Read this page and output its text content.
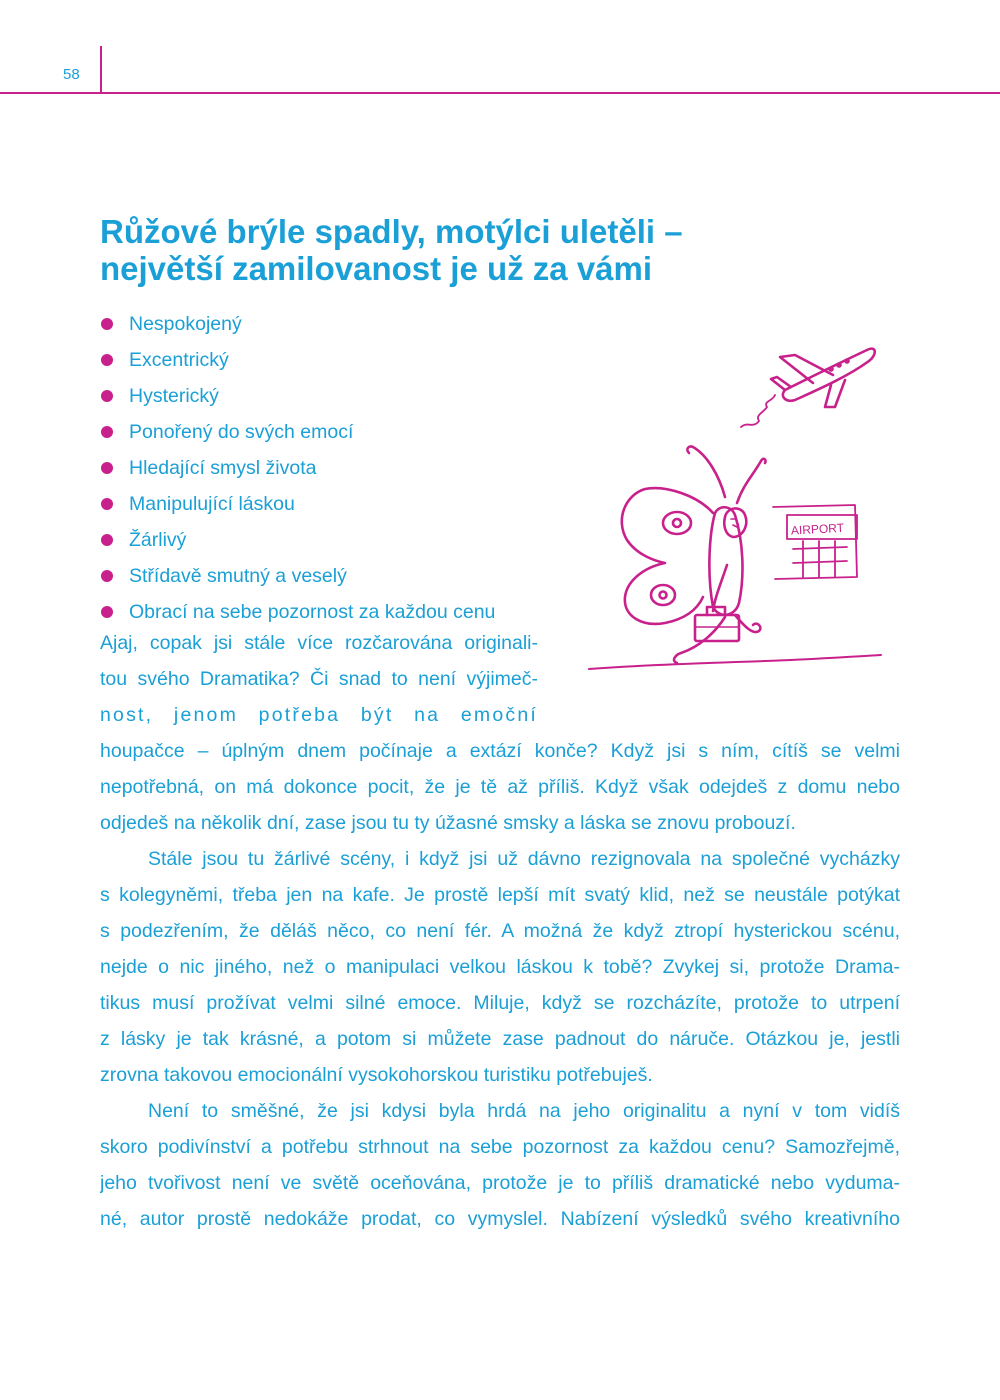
58
Růžové brýle spadly, motýlci uletěli –
největší zamilovanost je už za vámi
Nespokojený
Excentrický
Hysterický
Ponořený do svých emocí
Hledající smysl života
Manipulující láskou
Žárlivý
Střídavě smutný a veselý
Obrací na sebe pozornost za každou cenu
Ajaj, copak jsi stále více rozčarována originali-
tou svého Dramatika? Či snad to není výjimeč-
nost, jenom potřeba být na emoční
houpačce – úplným dnem počínaje a extází konče? Když jsi s ním, cítíš se velmi
nepotřebná, on má dokonce pocit, že je tě až příliš. Když však odejdeš z domu nebo
odjedeš na několik dní, zase jsou tu ty úžasné smsky a láska se znovu probouzí.
Stále jsou tu žárlivé scény, i když jsi už dávno rezignovala na společné vycházky
s kolegyněmi, třeba jen na kafe. Je prostě lepší mít svatý klid, než se neustále potýkat
s podezřením, že děláš něco, co není fér. A možná že když ztropí hysterickou scénu,
nejde o nic jiného, než o manipulaci velkou láskou k tobě? Zvykej si, protože Drama-
tikus musí prožívat velmi silné emoce. Miluje, když se rozcházíte, protože to utrpení
z lásky je tak krásné, a potom si můžete zase padnout do náruče. Otázkou je, jestli
zrovna takovou emocionální vysokohorskou turistiku potřebuješ.
Není to směšné, že jsi kdysi byla hrdá na jeho originalitu a nyní v tom vidíš
skoro podivínství a potřebu strhnout na sebe pozornost za každou cenu? Samozřejmě,
jeho tvořivost není ve světě oceňována, protože je to příliš dramatické nebo vyduma-
né, autor prostě nedokáže prodat, co vymyslel. Nabízení výsledků svého kreativního
AIRPORT
